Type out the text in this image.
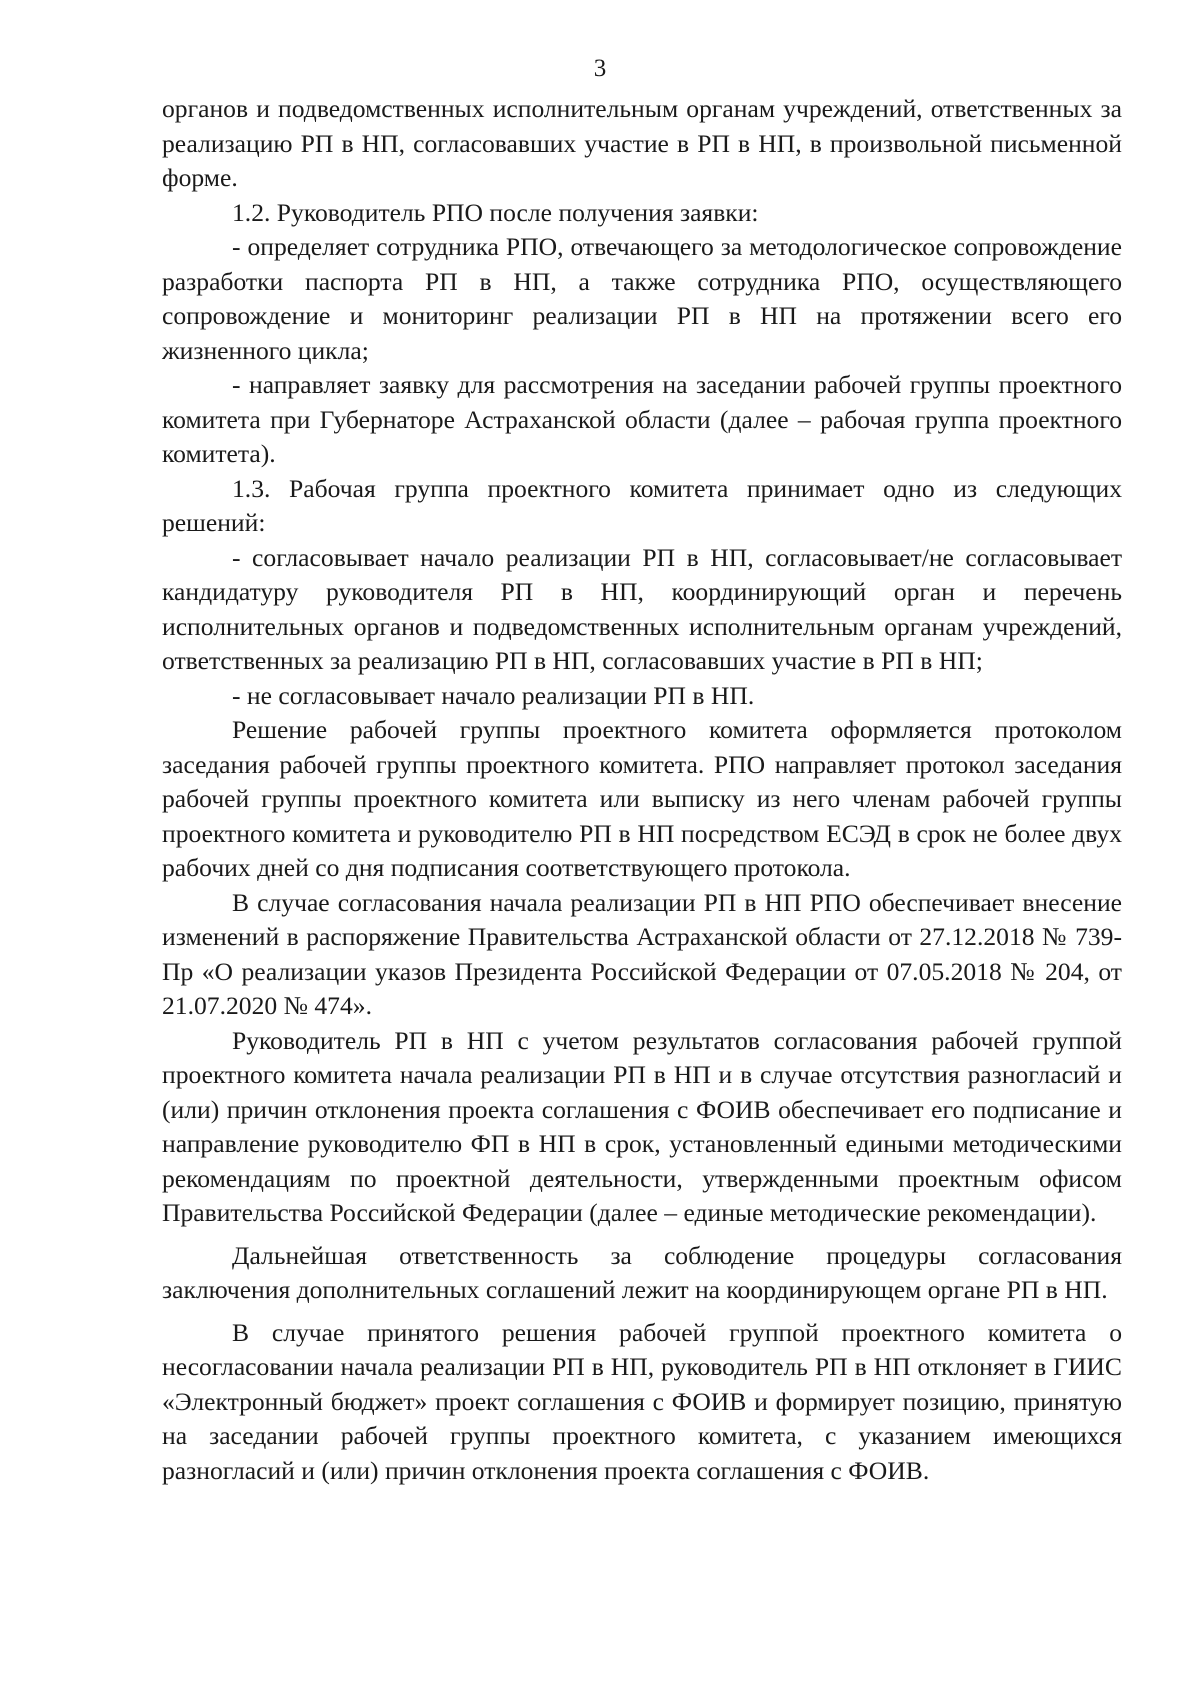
3

органов и подведомственных исполнительным органам учреждений, ответственных за реализацию РП в НП, согласовавших участие в РП в НП, в произвольной письменной форме.

1.2. Руководитель РПО после получения заявки:

- определяет сотрудника РПО, отвечающего за методологическое сопровождение разработки паспорта РП в НП, а также сотрудника РПО, осуществляющего сопровождение и мониторинг реализации РП в НП на протяжении всего его жизненного цикла;

- направляет заявку для рассмотрения на заседании рабочей группы проектного комитета при Губернаторе Астраханской области (далее – рабочая группа проектного комитета).

1.3. Рабочая группа проектного комитета принимает одно из следующих решений:

- согласовывает начало реализации РП в НП, согласовывает/не согласовывает кандидатуру руководителя РП в НП, координирующий орган и перечень исполнительных органов и подведомственных исполнительным органам учреждений, ответственных за реализацию РП в НП, согласовавших участие в РП в НП;

- не согласовывает начало реализации РП в НП.

Решение рабочей группы проектного комитета оформляется протоколом заседания рабочей группы проектного комитета. РПО направляет протокол заседания рабочей группы проектного комитета или выписку из него членам рабочей группы проектного комитета и руководителю РП в НП посредством ЕСЭД в срок не более двух рабочих дней со дня подписания соответствующего протокола.

В случае согласования начала реализации РП в НП РПО обеспечивает внесение изменений в распоряжение Правительства Астраханской области от 27.12.2018 № 739-Пр «О реализации указов Президента Российской Федерации от 07.05.2018 № 204, от 21.07.2020 № 474».

Руководитель РП в НП с учетом результатов согласования рабочей группой проектного комитета начала реализации РП в НП и в случае отсутствия разногласий и (или) причин отклонения проекта соглашения с ФОИВ обеспечивает его подписание и направление руководителю ФП в НП в срок, установленный едиными методическими рекомендациям по проектной деятельности, утвержденными проектным офисом Правительства Российской Федерации (далее – единые методические рекомендации).

Дальнейшая ответственность за соблюдение процедуры согласования заключения дополнительных соглашений лежит на координирующем органе РП в НП.

В случае принятого решения рабочей группой проектного комитета о несогласовании начала реализации РП в НП, руководитель РП в НП отклоняет в ГИИС «Электронный бюджет» проект соглашения с ФОИВ и формирует позицию, принятую на заседании рабочей группы проектного комитета, с указанием имеющихся разногласий и (или) причин отклонения проекта соглашения с ФОИВ.
